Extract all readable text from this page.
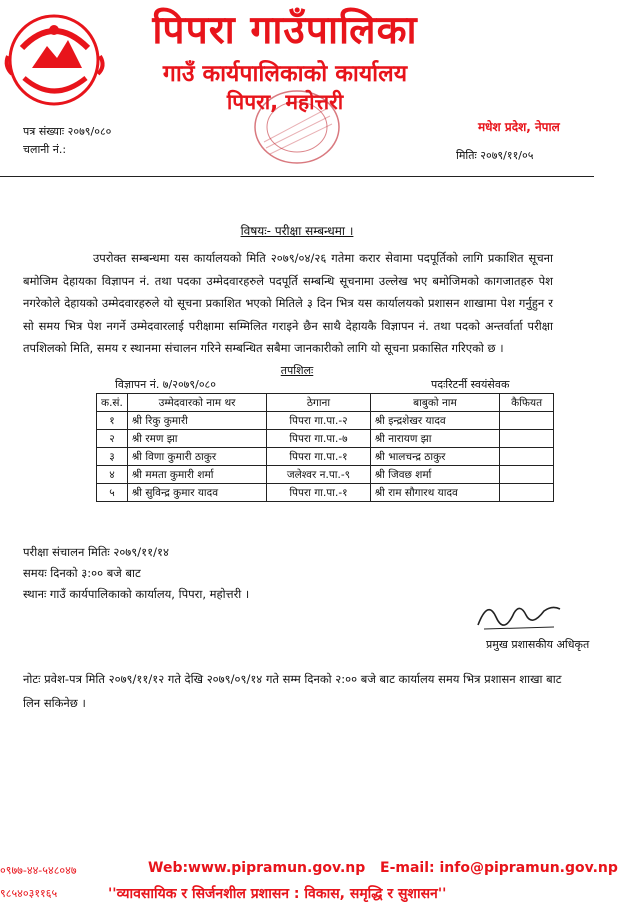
पिपरा गाउँपालिका
गाउँ कार्यपालिकाको कार्यालय
पिपरा, महोत्तरी
पत्र संख्याः २०७९/०८०
चलानी नं.:
मधेश प्रदेश, नेपाल
मितिः २०७९/११/०५
विषयः- परीक्षा सम्बन्धमा ।

उपरोक्त सम्बन्धमा यस कार्यालयको मिति २०७९/०४/२६ गतेमा करार सेवामा पदपूर्तिको लागि प्रकाशित सूचना बमोजिम देहायका विज्ञापन नं. तथा पदका उम्मेदवारहरुले पदपूर्ति सम्बन्धि सूचनामा उल्लेख भए बमोजिमको कागजातहरु पेश नगरेकोले देहायको उम्मेदवारहरुले यो सूचना प्रकाशित भएको मितिले ३ दिन भित्र यस कार्यालयको प्रशासन शाखामा पेश गर्नुहुन र सो समय भित्र पेश नगर्ने उम्मेदवारलाई परीक्षामा सम्मिलित गराइने छैन साथै देहायकै विज्ञापन नं. तथा पदको अन्तर्वार्ता परीक्षा तपशिलको मिति, समय र स्थानमा संचालन गरिने सम्बन्धित सबैमा जानकारीको लागि यो सूचना प्रकासित गरिएको छ ।

तपशिलः
विज्ञापन नं. ७/२०७९/०८०	पदःरिटर्नी स्वयंसेवक
क.सं.	उम्मेदवारको नाम थर	ठेगाना	बाबुको नाम	कैफियत
१	श्री रिकु कुमारी	पिपरा गा.पा.-२	श्री इन्द्रशेखर यादव	
२	श्री रमण झा	पिपरा गा.पा.-७	श्री नारायण झा	
३	श्री विणा कुमारी ठाकुर	पिपरा गा.पा.-१	श्री भालचन्द्र ठाकुर	
४	श्री ममता कुमारी शर्मा	जलेश्वर न.पा.-९	श्री जिवछ शर्मा	
५	श्री सुविन्द्र कुमार यादव	पिपरा गा.पा.-१	श्री राम सौगारथ यादव	
परीक्षा संचालन मितिः २०७९/११/१४
समयः दिनको ३:०० बजे बाट
स्थानः गाउँ कार्यपालिकाको कार्यालय, पिपरा, महोत्तरी ।
प्रमुख प्रशासकीय अधिकृत
नोटः प्रवेश-पत्र मिति २०७९/११/१२ गते देखि २०७९/०९/१४ गते सम्म दिनको २:०० बजे बाट कार्यालय समय भित्र प्रशासन शाखा बाट लिन सकिनेछ ।
०९७७-४४-५४८०४७	Web:www.pipramun.gov.np E-mail: info@pipramun.gov.np
९८५४०३११६५	''व्यावसायिक र सिर्जनशील प्रशासन : विकास, समृद्धि र सुशासन''
